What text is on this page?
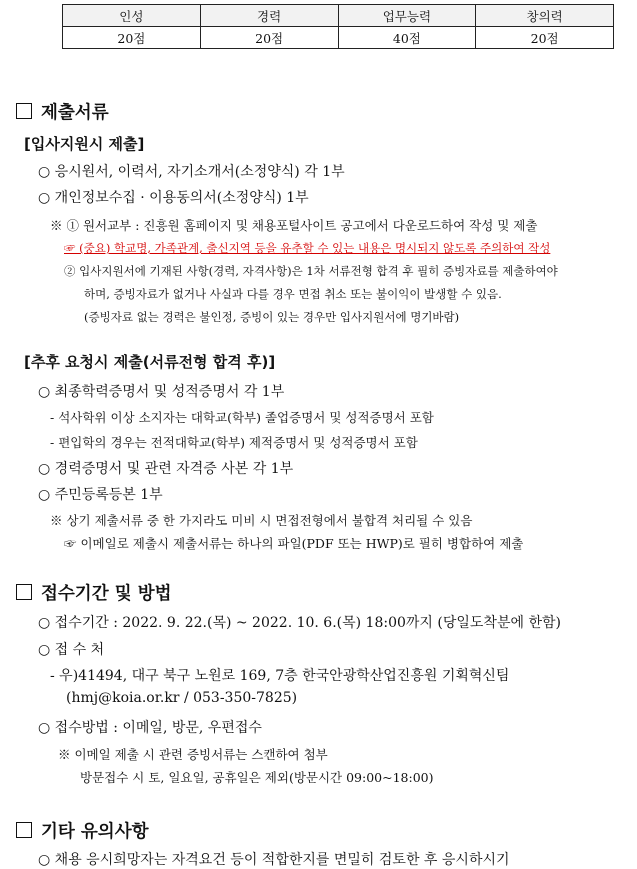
인성	경력	업무능력	창의력
20점	20점	40점	20점
제출서류
[입사지원시 제출]
○ 응시원서, 이력서, 자기소개서(소정양식) 각 1부
○ 개인정보수집 · 이용동의서(소정양식) 1부
※ ① 원서교부 : 진흥원 홈페이지 및 채용포털사이트 공고에서 다운로드하여 작성 및 제출
☞ (중요) 학교명, 가족관계, 출신지역 등을 유추할 수 있는 내용은 명시되지 않도록 주의하여 작성
② 입사지원서에 기재된 사항(경력, 자격사항)은 1차 서류전형 합격 후 필히 증빙자료를 제출하여야
하며, 증빙자료가 없거나 사실과 다를 경우 면접 취소 또는 불이익이 발생할 수 있음.
(증빙자료 없는 경력은 불인정, 증빙이 있는 경우만 입사지원서에 명기바람)
[추후 요청시 제출(서류전형 합격 후)]
○ 최종학력증명서 및 성적증명서 각 1부
- 석사학위 이상 소지자는 대학교(학부) 졸업증명서 및 성적증명서 포함
- 편입학의 경우는 전적대학교(학부) 제적증명서 및 성적증명서 포함
○ 경력증명서 및 관련 자격증 사본 각 1부
○ 주민등록등본 1부
※ 상기 제출서류 중 한 가지라도 미비 시 면접전형에서 불합격 처리될 수 있음
☞ 이메일로 제출시 제출서류는 하나의 파일(PDF 또는 HWP)로 필히 병합하여 제출
접수기간 및 방법
○ 접수기간 : 2022. 9. 22.(목) ~ 2022. 10. 6.(목) 18:00까지 (당일도착분에 한함)
○ 접 수 처
- 우)41494, 대구 북구 노원로 169, 7층 한국안광학산업진흥원 기획혁신팀
(hmj@koia.or.kr / 053-350-7825)
○ 접수방법 : 이메일, 방문, 우편접수
※ 이메일 제출 시 관련 증빙서류는 스캔하여 첨부
방문접수 시 토, 일요일, 공휴일은 제외(방문시간 09:00~18:00)
기타 유의사항
○ 채용 응시희망자는 자격요건 등이 적합한지를 면밀히 검토한 후 응시하시기
